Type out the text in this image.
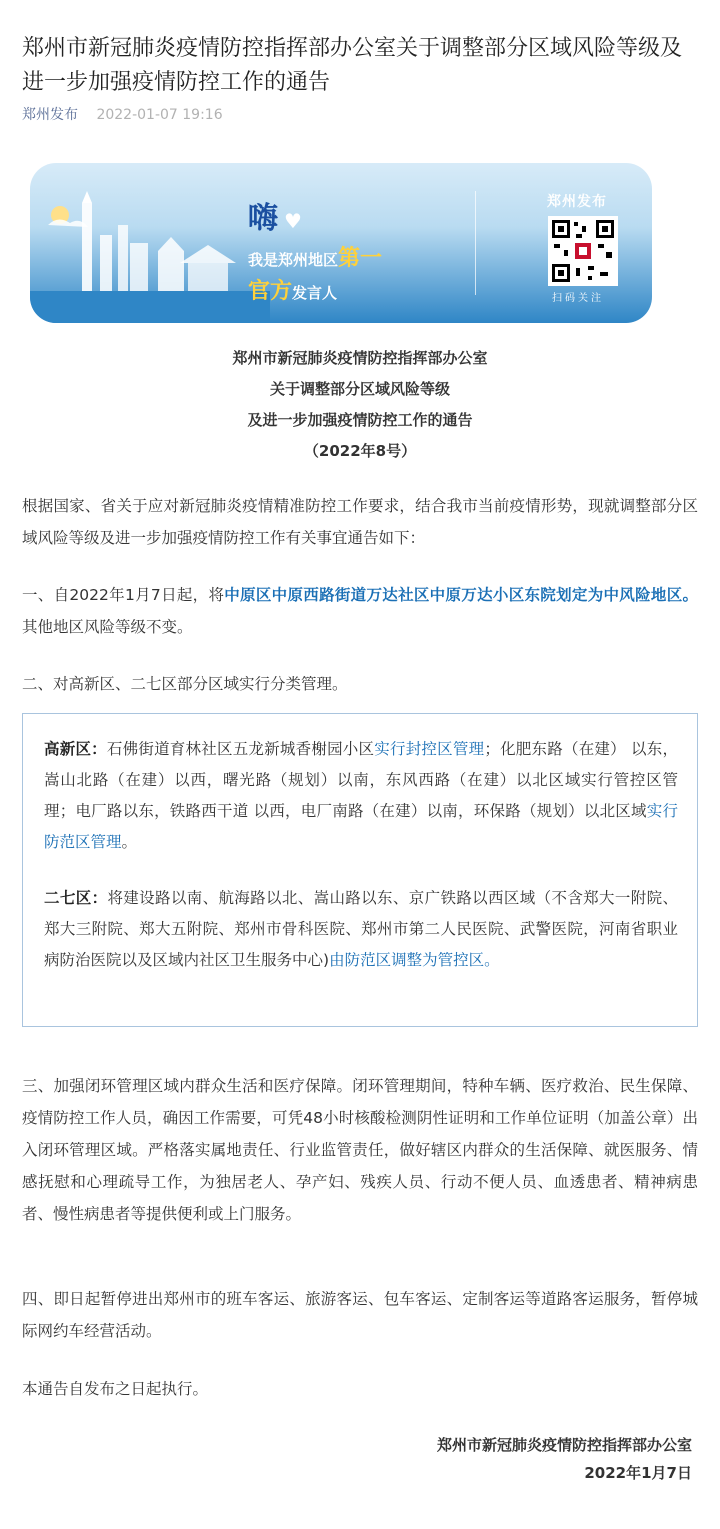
郑州市新冠肺炎疫情防控指挥部办公室关于调整部分区域风险等级及进一步加强疫情防控工作的通告
郑州发布 2022-01-07 19:16
嗨 ♥
我是郑州地区第一
官方发言人
郑州发布
扫码关注
郑州市新冠肺炎疫情防控指挥部办公室
关于调整部分区域风险等级
及进一步加强疫情防控工作的通告
（2022年8号）

根据国家、省关于应对新冠肺炎疫情精准防控工作要求，结合我市当前疫情形势，现就调整部分区域风险等级及进一步加强疫情防控工作有关事宜通告如下：

一、自2022年1月7日起，将中原区中原西路街道万达社区中原万达小区东院划定为中风险地区。其他地区风险等级不变。

二、对高新区、二七区部分区域实行分类管理。

高新区：石佛街道育林社区五龙新城香榭园小区实行封控区管理；化肥东路（在建） 以东，嵩山北路（在建）以西，曙光路（规划）以南，东风西路（在建）以北区域实行管控区管理；电厂路以东，铁路西干道 以西，电厂南路（在建）以南，环保路（规划）以北区域实行防范区管理。

二七区：将建设路以南、航海路以北、嵩山路以东、京广铁路以西区域（不含郑大一附院、郑大三附院、郑大五附院、郑州市骨科医院、郑州市第二人民医院、武警医院，河南省职业病防治医院以及区域内社区卫生服务中心)由防范区调整为管控区。

三、加强闭环管理区域内群众生活和医疗保障。闭环管理期间，特种车辆、医疗救治、民生保障、疫情防控工作人员，确因工作需要，可凭48小时核酸检测阴性证明和工作单位证明（加盖公章）出入闭环管理区域。严格落实属地责任、行业监管责任，做好辖区内群众的生活保障、就医服务、情感抚慰和心理疏导工作，为独居老人、孕产妇、残疾人员、行动不便人员、血透患者、精神病患者、慢性病患者等提供便利或上门服务。

四、即日起暂停进出郑州市的班车客运、旅游客运、包车客运、定制客运等道路客运服务，暂停城际网约车经营活动。

本通告自发布之日起执行。

郑州市新冠肺炎疫情防控指挥部办公室
2022年1月7日
